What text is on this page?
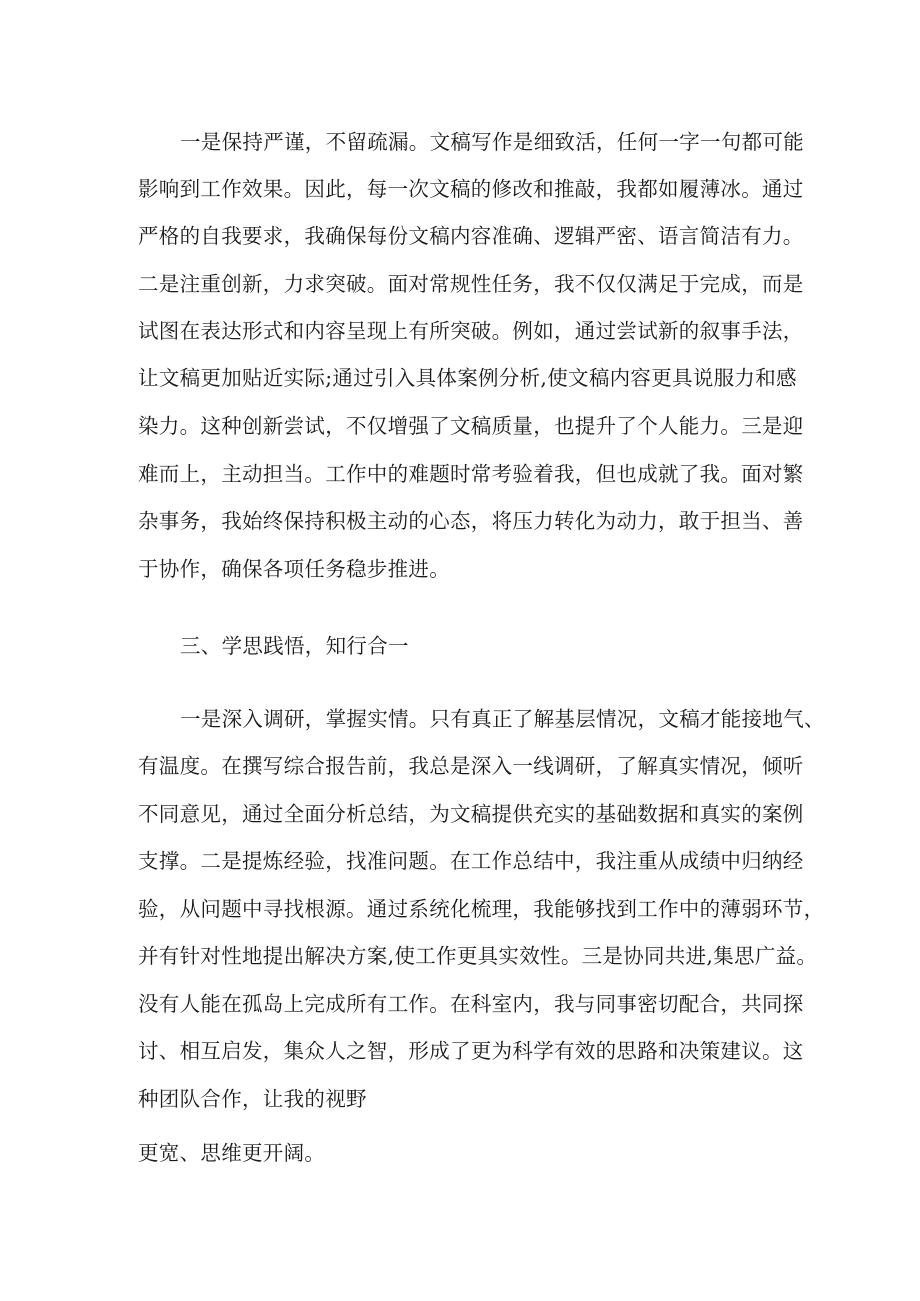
一是保持严谨，不留疏漏。文稿写作是细致活，任何一字一句都可能
影响到工作效果。因此，每一次文稿的修改和推敲，我都如履薄冰。通过
严格的自我要求，我确保每份文稿内容准确、逻辑严密、语言简洁有力。
二是注重创新，力求突破。面对常规性任务，我不仅仅满足于完成，而是
试图在表达形式和内容呈现上有所突破。例如，通过尝试新的叙事手法，
让文稿更加贴近实际;通过引入具体案例分析,使文稿内容更具说服力和感
染力。这种创新尝试，不仅增强了文稿质量，也提升了个人能力。三是迎
难而上，主动担当。工作中的难题时常考验着我，但也成就了我。面对繁
杂事务，我始终保持积极主动的心态，将压力转化为动力，敢于担当、善
于协作，确保各项任务稳步推进。
三、学思践悟，知行合一
一是深入调研，掌握实情。只有真正了解基层情况，文稿才能接地气、
有温度。在撰写综合报告前，我总是深入一线调研，了解真实情况，倾听
不同意见，通过全面分析总结，为文稿提供充实的基础数据和真实的案例
支撑。二是提炼经验，找准问题。在工作总结中，我注重从成绩中归纳经
验，从问题中寻找根源。通过系统化梳理，我能够找到工作中的薄弱环节，
并有针对性地提出解决方案,使工作更具实效性。三是协同共进,集思广益。
没有人能在孤岛上完成所有工作。在科室内，我与同事密切配合，共同探
讨、相互启发，集众人之智，形成了更为科学有效的思路和决策建议。这
种团队合作，让我的视野
更宽、思维更开阔。
